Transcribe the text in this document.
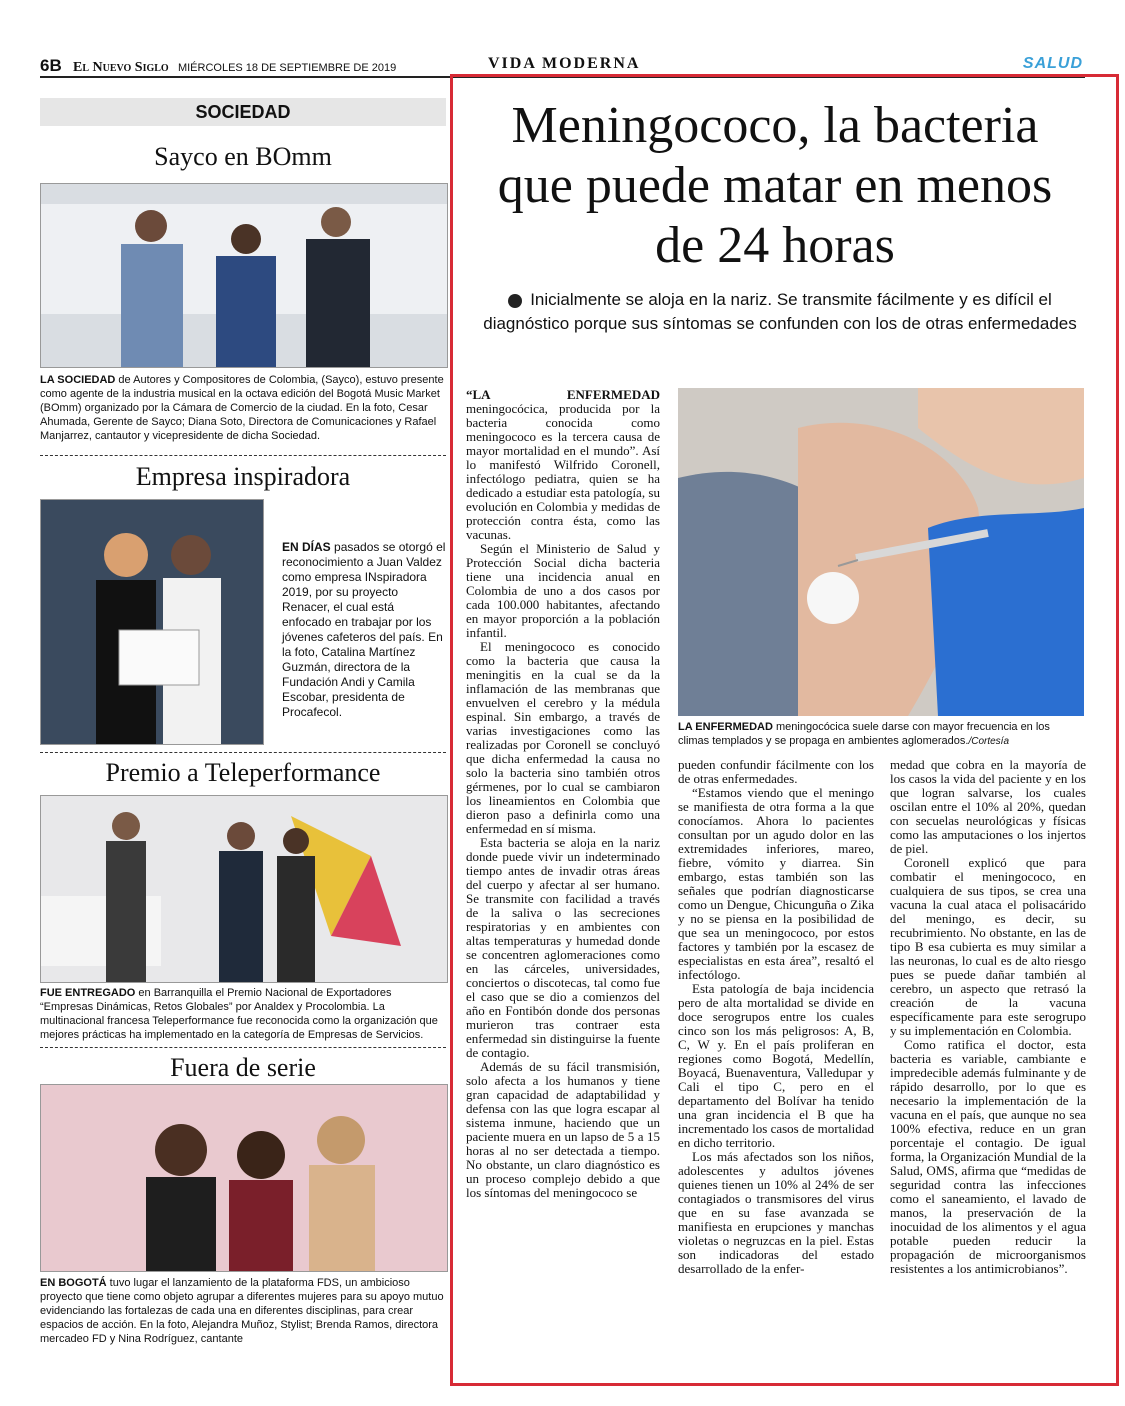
6B El Nuevo Siglo MIÉRCOLES 18 DE SEPTIEMBRE DE 2019	VIDA MODERNA	SALUD
SOCIEDAD
Sayco en BOmm
LA SOCIEDAD de Autores y Compositores de Colombia, (Sayco), estuvo presente como agente de la industria musical en la octava edición del Bogotá Music Market (BOmm) organizado por la Cámara de Comercio de la ciudad. En la foto, Cesar Ahumada, Gerente de Sayco; Diana Soto, Directora de Comunicaciones y Rafael Manjarrez, cantautor y vicepresidente de dicha Sociedad.
Empresa inspiradora
EN DÍAS pasados se otorgó el reconocimiento a Juan Valdez como empresa INspiradora 2019, por su proyecto Renacer, el cual está enfocado en trabajar por los jóvenes cafeteros del país. En la foto, Catalina Martínez Guzmán, directora de la Fundación Andi y Camila Escobar, presidenta de Procafecol.
Premio a Teleperformance
FUE ENTREGADO en Barranquilla el Premio Nacional de Exportadores “Empresas Dinámicas, Retos Globales” por Analdex y Procolombia. La multinacional francesa Teleperformance fue reconocida como la organización que mejores prácticas ha implementado en la categoría de Empresas de Servicios.
Fuera de serie
EN BOGOTÁ tuvo lugar el lanzamiento de la plataforma FDS, un ambicioso proyecto que tiene como objeto agrupar a diferentes mujeres para su apoyo mutuo evidenciando las fortalezas de cada una en diferentes disciplinas, para crear espacios de acción. En la foto, Alejandra Muñoz, Stylist; Brenda Ramos, directora mercadeo FD y Nina Rodríguez, cantante
Meningococo, la bacteria que puede matar en menos de 24 horas
Inicialmente se aloja en la nariz. Se transmite fácilmente y es difícil el diagnóstico porque sus síntomas se confunden con los de otras enfermedades
LA ENFERMEDAD meningocócica suele darse con mayor frecuencia en los climas templados y se propaga en ambientes aglomerados./Cortesía

“LA ENFERMEDAD meningocócica, producida por la bacteria conocida como meningococo es la tercera causa de mayor mortalidad en el mundo”. Así lo manifestó Wilfrido Coronell, infectólogo pediatra, quien se ha dedicado a estudiar esta patología, su evolución en Colombia y medidas de protección contra ésta, como las vacunas.

Según el Ministerio de Salud y Protección Social dicha bacteria tiene una incidencia anual en Colombia de uno a dos casos por cada 100.000 habitantes, afectando en mayor proporción a la población infantil.

El meningococo es conocido como la bacteria que causa la meningitis en la cual se da la inflamación de las membranas que envuelven el cerebro y la médula espinal. Sin embargo, a través de varias investigaciones como las realizadas por Coronell se concluyó que dicha enfermedad la causa no solo la bacteria sino también otros gérmenes, por lo cual se cambiaron los lineamientos en Colombia que dieron paso a definirla como una enfermedad en sí misma.

Esta bacteria se aloja en la nariz donde puede vivir un indeterminado tiempo antes de invadir otras áreas del cuerpo y afectar al ser humano. Se transmite con facilidad a través de la saliva o las secreciones respiratorias y en ambientes con altas temperaturas y humedad donde se concentren aglomeraciones como en las cárceles, universidades, conciertos o discotecas, tal como fue el caso que se dio a comienzos del año en Fontibón donde dos personas murieron tras contraer esta enfermedad sin distinguirse la fuente de contagio.

Además de su fácil transmisión, solo afecta a los humanos y tiene gran capacidad de adaptabilidad y defensa con las que logra escapar al sistema inmune, haciendo que un paciente muera en un lapso de 5 a 15 horas al no ser detectada a tiempo. No obstante, un claro diagnóstico es un proceso complejo debido a que los síntomas del meningococo se

pueden confundir fácilmente con los de otras enfermedades.

“Estamos viendo que el meningo se manifiesta de otra forma a la que conocíamos. Ahora lo pacientes consultan por un agudo dolor en las extremidades inferiores, mareo, fiebre, vómito y diarrea. Sin embargo, estas también son las señales que podrían diagnosticarse como un Dengue, Chicunguña o Zika y no se piensa en la posibilidad de que sea un meningococo, por estos factores y también por la escasez de especialistas en esta área”, resaltó el infectólogo.

Esta patología de baja incidencia pero de alta mortalidad se divide en doce serogrupos entre los cuales cinco son los más peligrosos: A, B, C, W y. En el país proliferan en regiones como Bogotá, Medellín, Boyacá, Buenaventura, Valledupar y Cali el tipo C, pero en el departamento del Bolívar ha tenido una gran incidencia el B que ha incrementado los casos de mortalidad en dicho territorio.

Los más afectados son los niños, adolescentes y adultos jóvenes quienes tienen un 10% al 24% de ser contagiados o transmisores del virus que en su fase avanzada se manifiesta en erupciones y manchas violetas o negruzcas en la piel. Estas son indicadoras del estado desarrollado de la enfer-

medad que cobra en la mayoría de los casos la vida del paciente y en los que logran salvarse, los cuales oscilan entre el 10% al 20%, quedan con secuelas neurológicas y físicas como las amputaciones o los injertos de piel.

Coronell explicó que para combatir el meningococo, en cualquiera de sus tipos, se crea una vacuna la cual ataca el polisacárido del meningo, es decir, su recubrimiento. No obstante, en las de tipo B esa cubierta es muy similar a las neuronas, lo cual es de alto riesgo pues se puede dañar también al cerebro, un aspecto que retrasó la creación de la vacuna específicamente para este serogrupo y su implementación en Colombia.

Como ratifica el doctor, esta bacteria es variable, cambiante e impredecible además fulminante y de rápido desarrollo, por lo que es necesario la implementación de la vacuna en el país, que aunque no sea 100% efectiva, reduce en un gran porcentaje el contagio. De igual forma, la Organización Mundial de la Salud, OMS, afirma que “medidas de seguridad contra las infecciones como el saneamiento, el lavado de manos, la preservación de la inocuidad de los alimentos y el agua potable pueden reducir la propagación de microorganismos resistentes a los antimicrobianos”.
